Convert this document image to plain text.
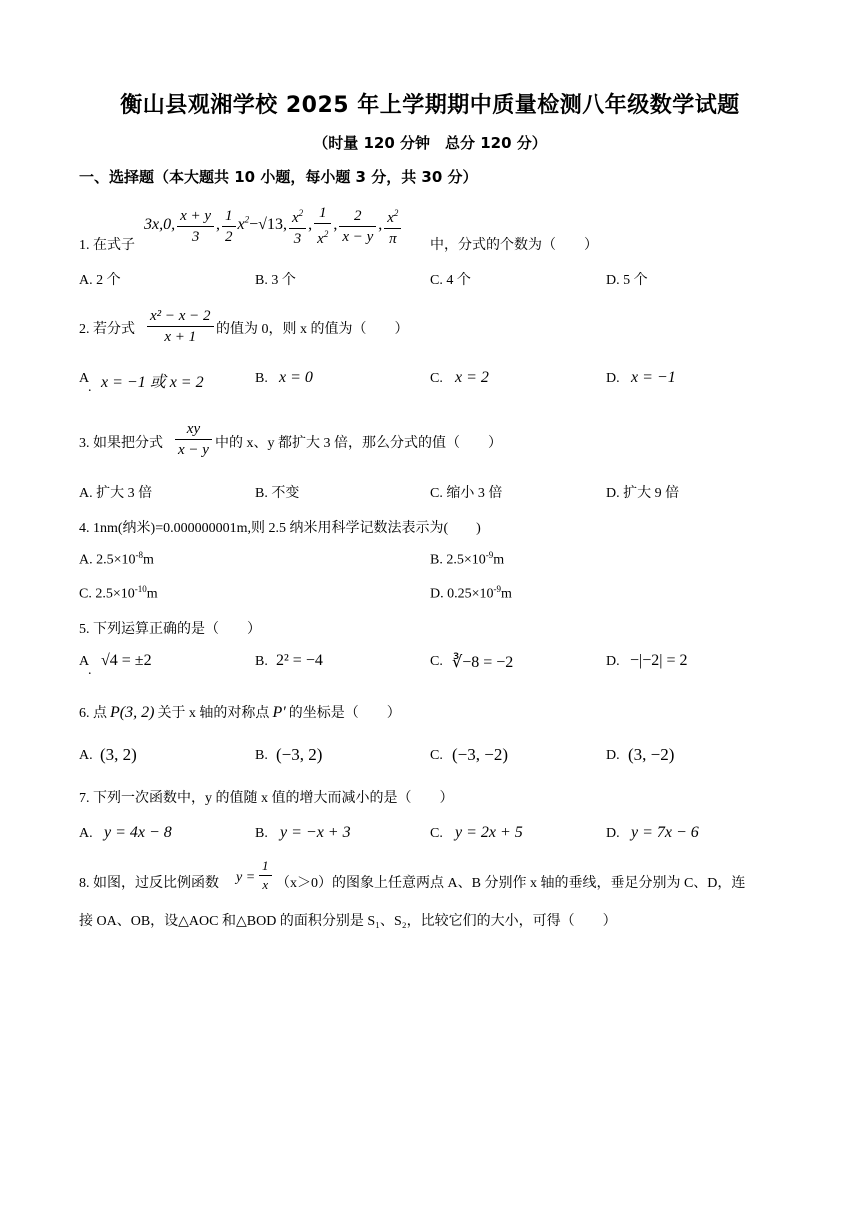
衡山县观湘学校 2025 年上学期期中质量检测八年级数学试题
（时量 120 分钟　总分 120 分）
一、选择题（本大题共 10 小题，每小题 3 分，共 30 分）
3x,0, $\frac{x + y}{3}$ , $\frac{1}{2} x^2-√13$, $\frac{x^2}{3}$ , $\frac{1}{x^2}$ , $\frac{2}{x - y}$ , $\frac{x^2}{\pi}$
1. 在式子	中，分式的个数为（　　）
A. 2 个	B. 3 个	C. 4 个	D. 5 个
2. 若分式 $\frac{\text{x² − x − 2}}{x + 1}$ 的值为 0，则 x 的值为（　　）
A
. x = −1 或 x = 2	B. x = 0	C. x = 2	D. x = −1
3. 如果把分式 $\frac{xy}{x - y}$ 中的 x、y 都扩大 3 倍，那么分式的值（　　）
A. 扩大 3 倍	B. 不变	C. 缩小 3 倍	D. 扩大 9 倍
4. 1nm(纳米)=0.000000001m,则 2.5 纳米用科学记数法表示为(　　)
A. $2.5\times 10^{-8}m$	B. $2.5\times 10^{-9}m$
C. $2.5\times 10^{-10}m$	D. $0.25\times 10^{-9}m$
5. 下列运算正确的是（　　）
A
.
√4 = ±2	B. 2² = −4	C. ∛−8 = −2	D. −|−2| = 2
6. 点 P(3, 2) 关于 x 轴的对称点 P′ 的坐标是（　　）
A. (3, 2)	B. (−3, 2)	C. (−3, −2)	D. (3, −2)
7. 下列一次函数中，y 的值随 x 值的增大而减小的是（　　）
A. y = 4x − 8	B. y = −x + 3	C. y = 2x + 5	D. y = 7x − 6
8. 如图，过反比例函数 $y = \frac{1}{x} (x>0)$的图象上任意两点 A、B 分别作 x 轴的垂线，垂足分别为 C、D，连
接 OA、OB，设△AOC 和△BOD 的面积分别是 S₁、S₂，比较它们的大小，可得（　　）
